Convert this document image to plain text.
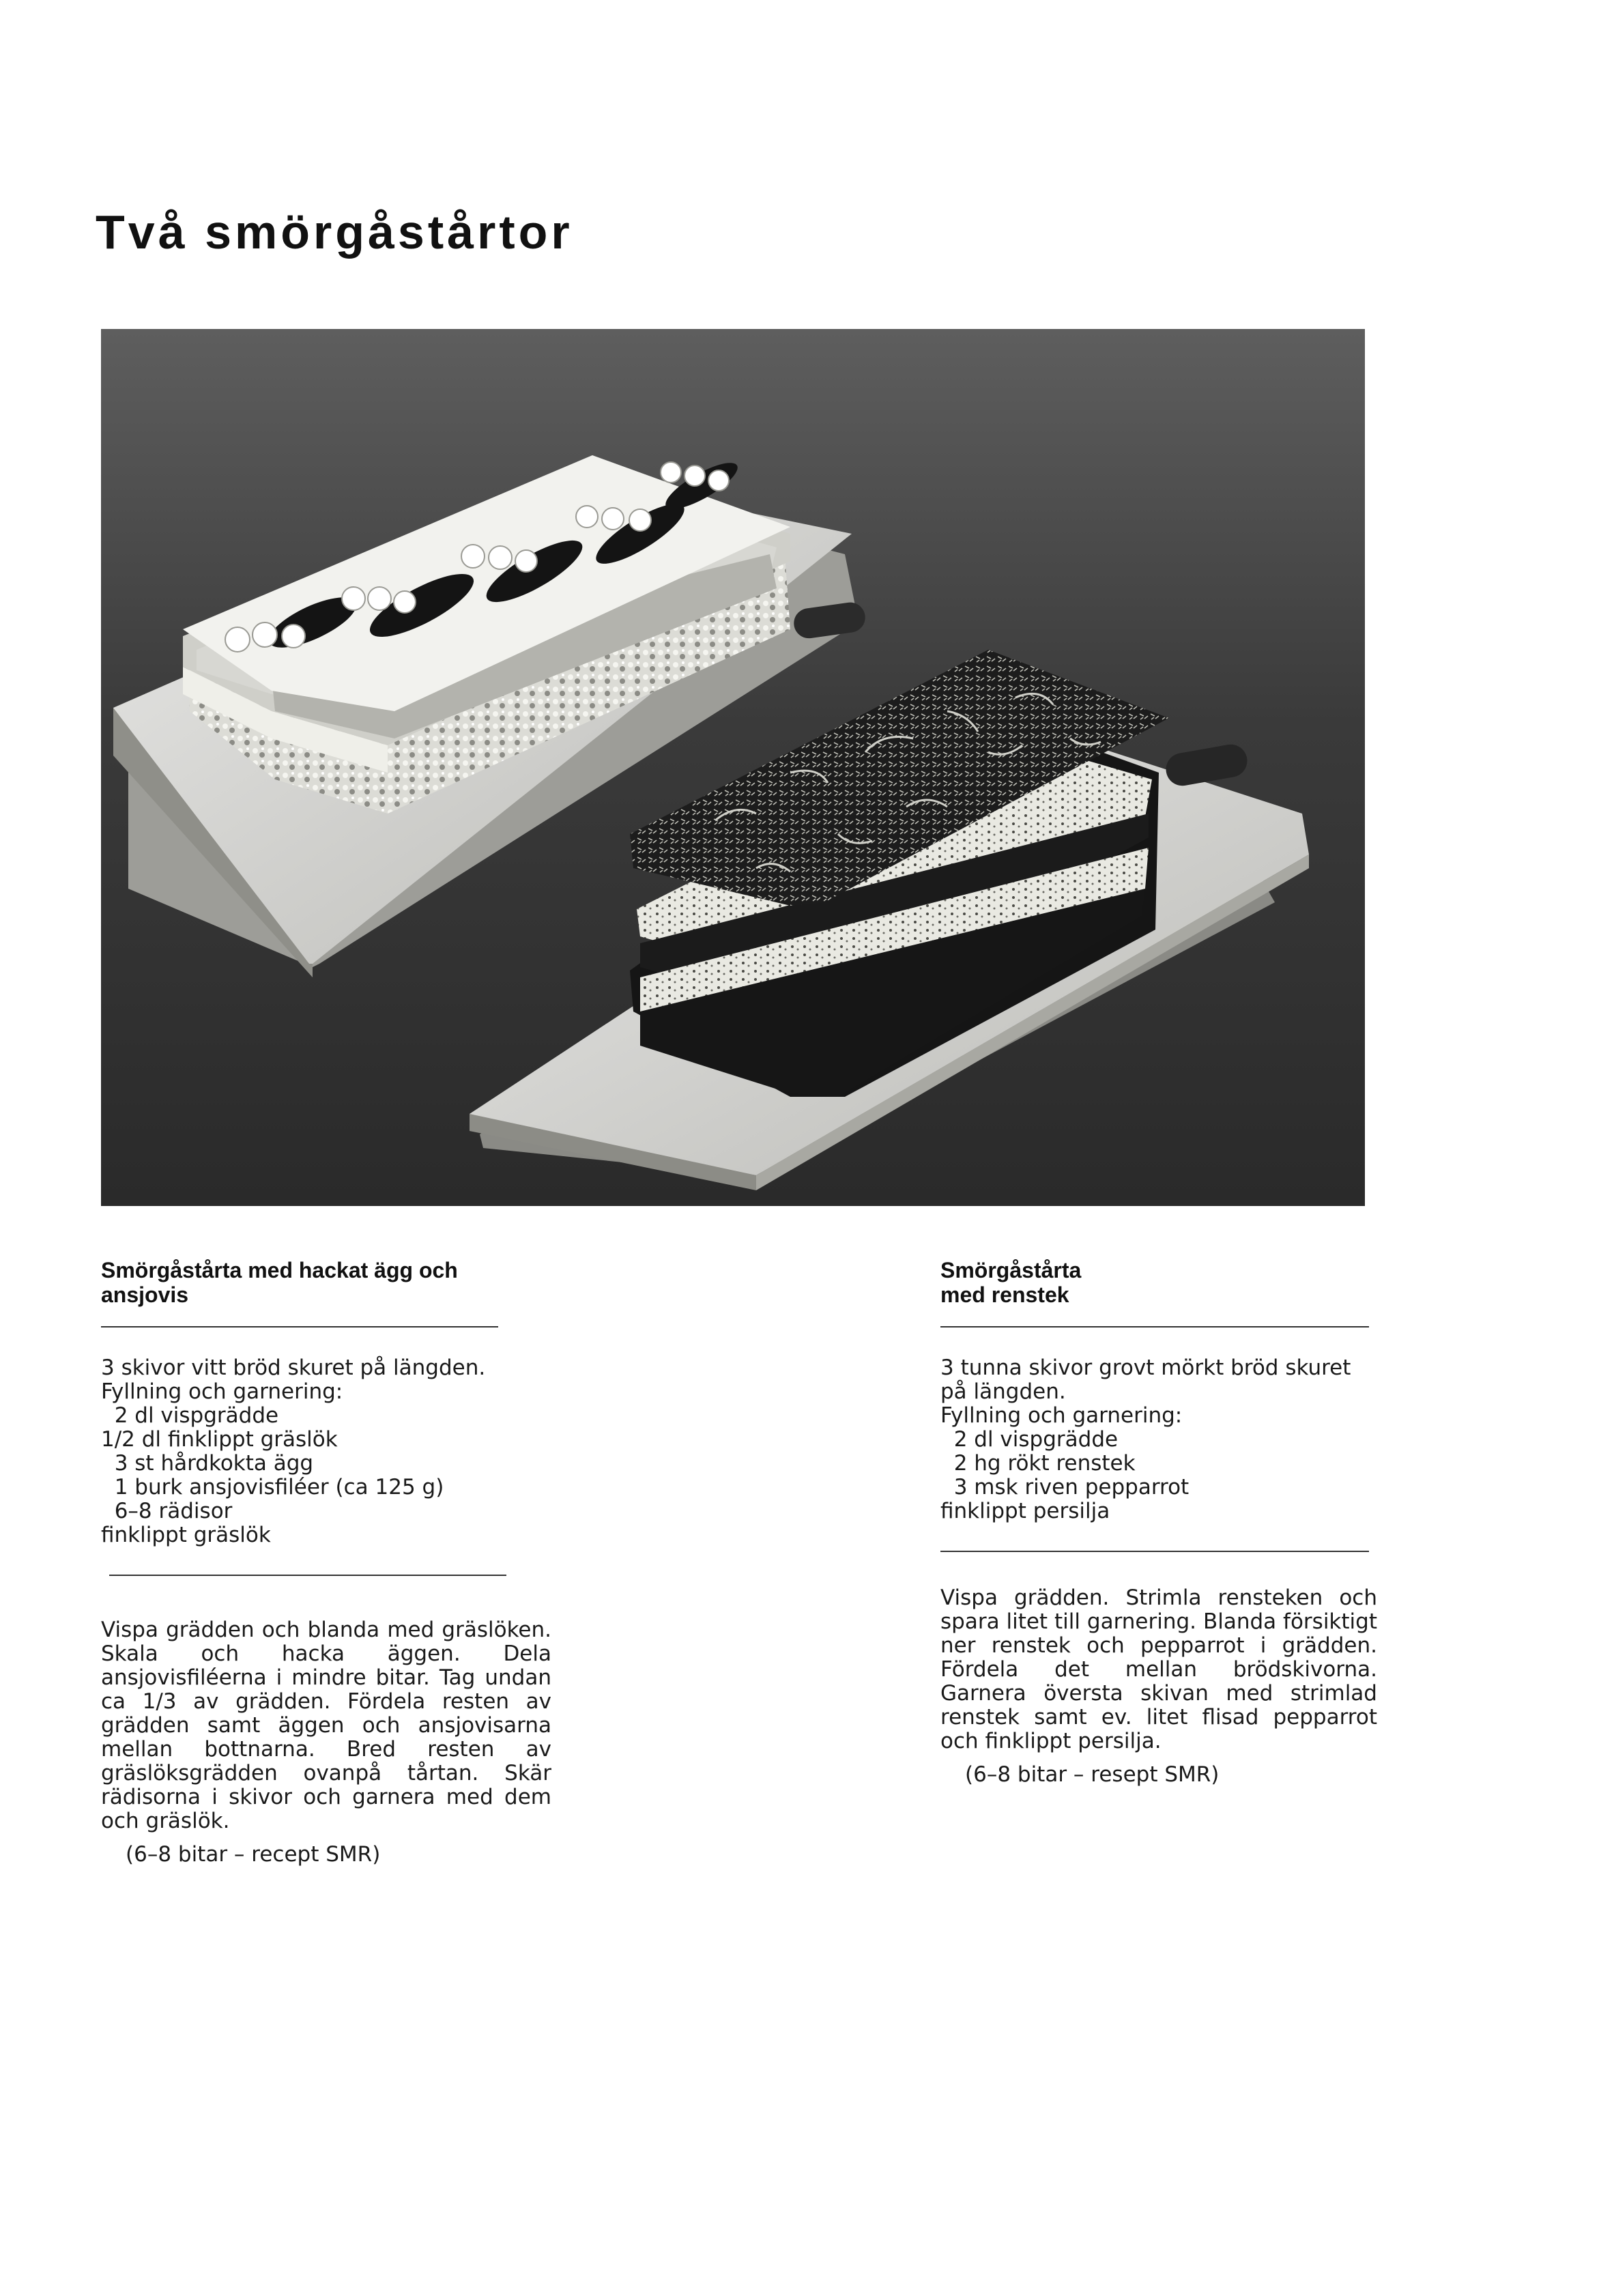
Två smörgåstårtor
Smörgåstårta med hackat ägg och
ansjovis
3 skivor vitt bröd skuret på längden.
Fyllning och garnering:
2 dl vispgrädde
1/2 dl finklippt gräslök
3 st hårdkokta ägg
1 burk ansjovisfiléer (ca 125 g)
6–8 rädisor
finklippt gräslök

Vispa grädden och blanda med gräslöken. Skala och hacka äggen. Dela ansjovisfiléerna i mindre bitar. Tag undan ca 1/3 av grädden. Fördela resten av grädden samt äggen och ansjovisarna mellan bottnarna. Bred resten av gräslöksgrädden ovanpå tårtan. Skär rädisorna i skivor och garnera med dem och gräslök.

(6–8 bitar – recept SMR)

Smörgåstårta
med renstek
3 tunna skivor grovt mörkt bröd skuret på längden.
Fyllning och garnering:
2 dl vispgrädde
2 hg rökt renstek
3 msk riven pepparrot
finklippt persilja

Vispa grädden. Strimla rensteken och spara litet till garnering. Blanda försiktigt ner renstek och pepparrot i grädden. Fördela det mellan brödskivorna. Garnera översta skivan med strimlad renstek samt ev. litet flisad pepparrot och finklippt persilja.

(6–8 bitar – resept SMR)
